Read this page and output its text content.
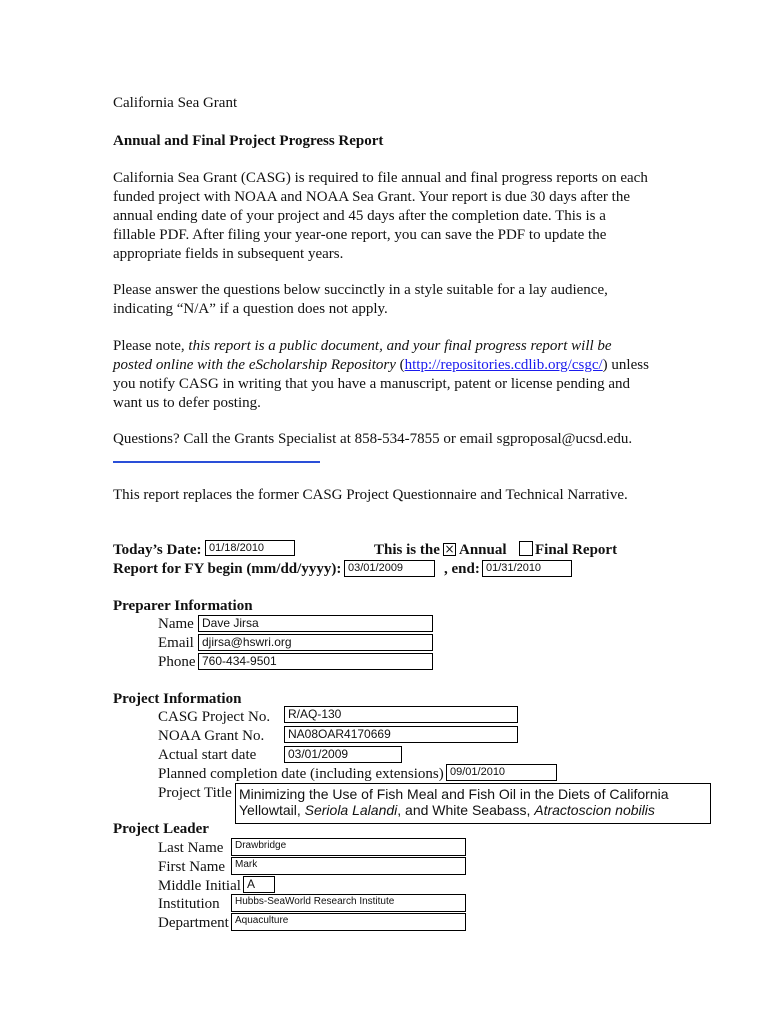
California Sea Grant
Annual and Final Project Progress Report
California Sea Grant (CASG) is required to file annual and final progress reports on each
funded project with NOAA and NOAA Sea Grant. Your report is due 30 days after the
annual ending date of your project and 45 days after the completion date. This is a
fillable PDF. After filing your year-one report, you can save the PDF to update the
appropriate fields in subsequent years.
Please answer the questions below succinctly in a style suitable for a lay audience,
indicating “N/A” if a question does not apply.
Please note, this report is a public document, and your final progress report will be
posted online with the eScholarship Repository (http://repositories.cdlib.org/csgc/) unless
you notify CASG in writing that you have a manuscript, patent or license pending and
want us to defer posting.
Questions? Call the Grants Specialist at 858-534-7855 or email sgproposal@ucsd.edu.
This report replaces the former CASG Project Questionnaire and Technical Narrative.
Today’s Date: 01/18/2010	This is the × Annual Final Report
Report for FY begin (mm/dd/yyyy): 03/01/2009	, end: 01/31/2010
Preparer Information
Name Dave Jirsa
Email djirsa@hswri.org
Phone 760-434-9501
Project Information
CASG Project No.	R/AQ-130
NOAA Grant No.	NA08OAR4170669
Actual start date	03/01/2009
Planned completion date (including extensions) 09/01/2010
Project Title Minimizing the Use of Fish Meal and Fish Oil in the Diets of California
Yellowtail, Seriola Lalandi, and White Seabass, Atractoscion nobilis
Project Leader
Last Name	Drawbridge
First Name Mark
Middle Initial A
Institution	Hubbs-SeaWorld Research Institute
Department Aquaculture
